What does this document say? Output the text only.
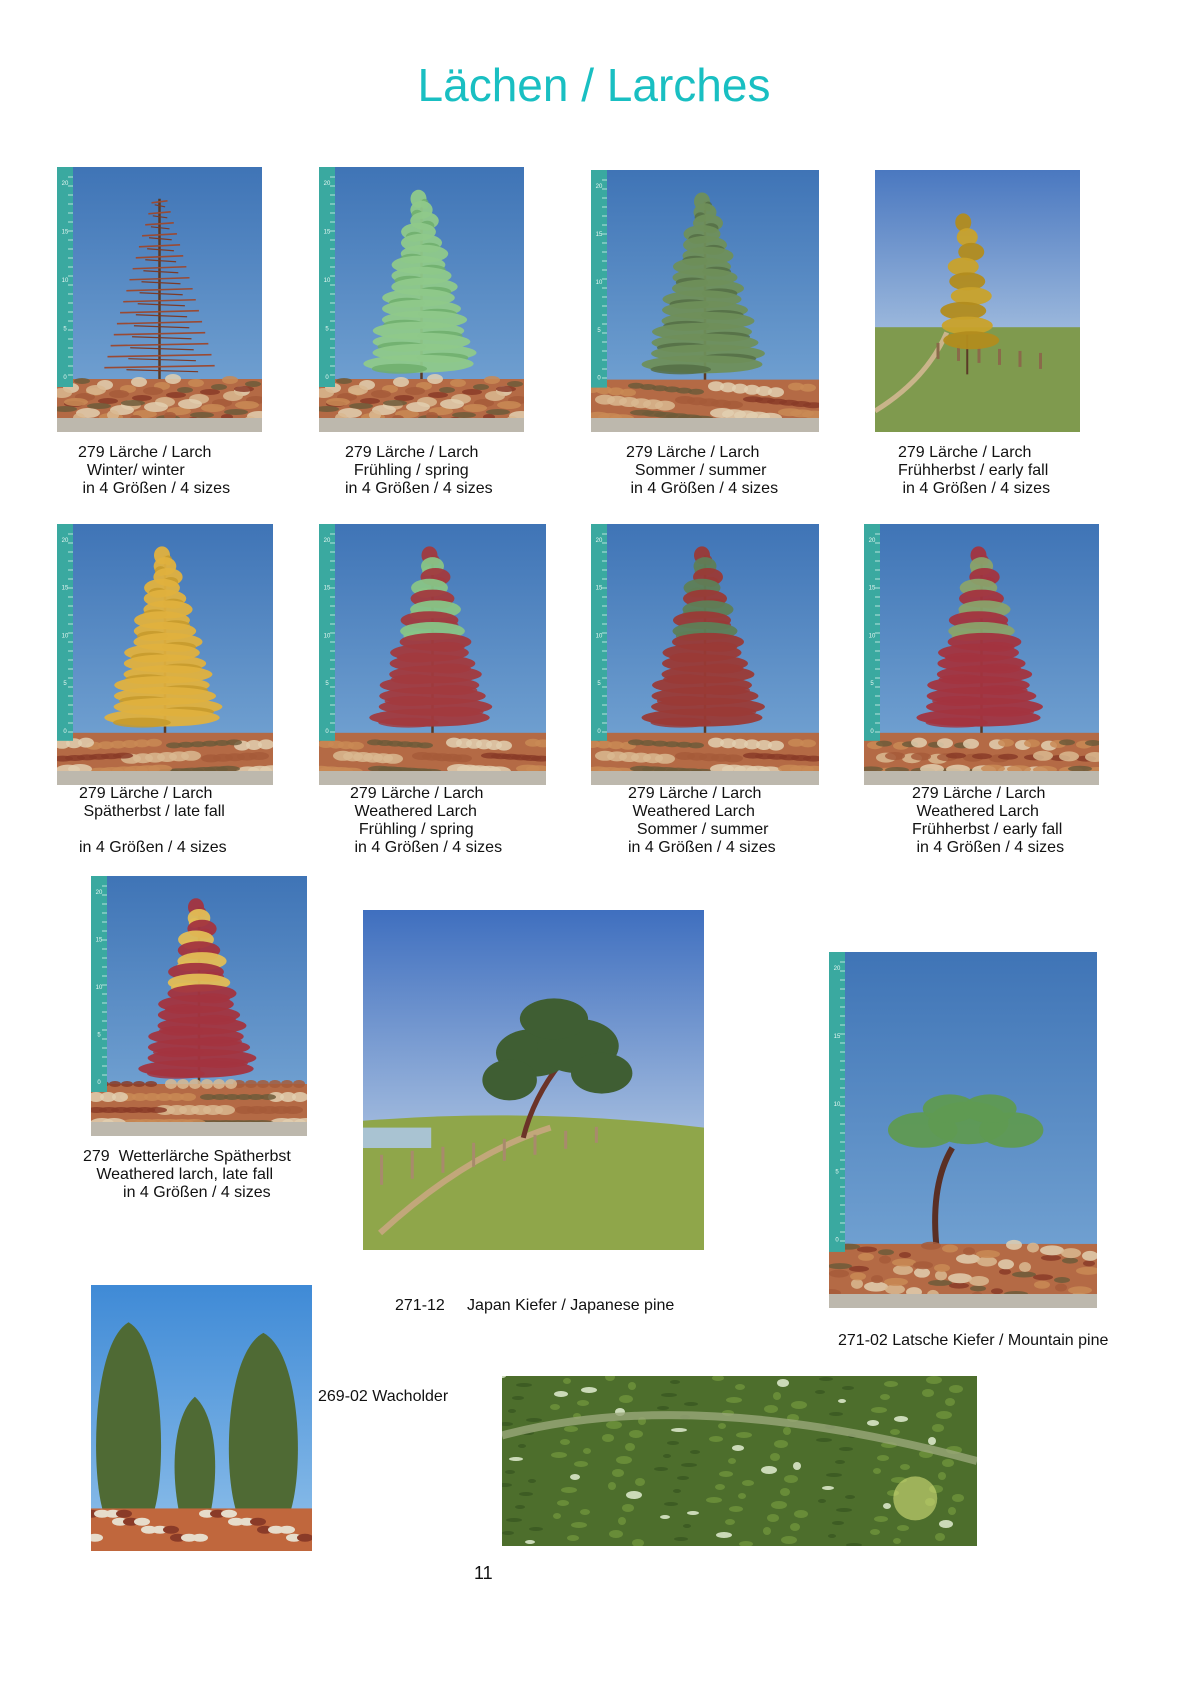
Lächen / Larches
20
15
10
5
0
20
15
10
5
0
20
15
10
5
0
279 Lärche / Larch
Winter/ winter
in 4 Größen / 4 sizes
279 Lärche / Larch
Frühling / spring
in 4 Größen / 4 sizes
279 Lärche / Larch
Sommer / summer
in 4 Größen / 4 sizes
279 Lärche / Larch
Frühherbst / early fall
in 4 Größen / 4 sizes
20
15
10
5
0
20
15
10
5
0
20
15
10
5
0
20
15
10
5
0
279 Lärche / Larch
Spätherbst / late fall

in 4 Größen / 4 sizes
279 Lärche / Larch
Weathered Larch
Frühling / spring
in 4 Größen / 4 sizes
279 Lärche / Larch
Weathered Larch
Sommer / summer
in 4 Größen / 4 sizes
279 Lärche / Larch
Weathered Larch
Frühherbst / early fall
in 4 Größen / 4 sizes
20
15
10
5
0
279  Wetterlärche Spätherbst
Weathered larch, late fall
in 4 Größen / 4 sizes
271-12     Japan Kiefer / Japanese pine
20
15
10
5
0
271-02 Latsche Kiefer / Mountain pine
269-02 Wacholder
11
